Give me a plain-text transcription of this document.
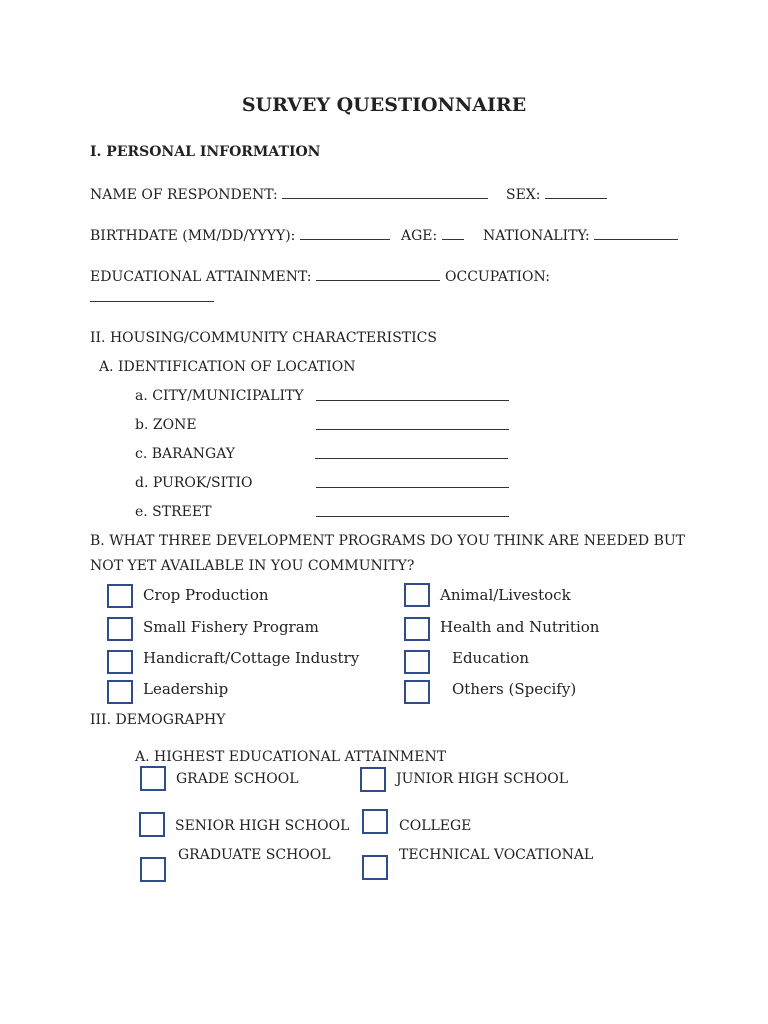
SURVEY QUESTIONNAIRE
I. PERSONAL INFORMATION
NAME OF RESPONDENT:	SEX:
BIRTHDATE (MM/DD/YYYY):	AGE:	NATIONALITY:
EDUCATIONAL ATTAINMENT:	OCCUPATION:
II. HOUSING/COMMUNITY CHARACTERISTICS
A. IDENTIFICATION OF LOCATION
a. CITY/MUNICIPALITY
b. ZONE
c. BARANGAY
d. PUROK/SITIO
e. STREET
B. WHAT THREE DEVELOPMENT PROGRAMS DO YOU THINK ARE NEEDED BUT
NOT YET AVAILABLE IN YOU COMMUNITY?
Crop Production
Small Fishery Program
Handicraft/Cottage Industry
Leadership
Animal/Livestock
Health and Nutrition
Education
Others (Specify)
III. DEMOGRAPHY
A. HIGHEST EDUCATIONAL ATTAINMENT
GRADE SCHOOL
SENIOR HIGH SCHOOL
GRADUATE SCHOOL
JUNIOR HIGH SCHOOL
COLLEGE
TECHNICAL VOCATIONAL
